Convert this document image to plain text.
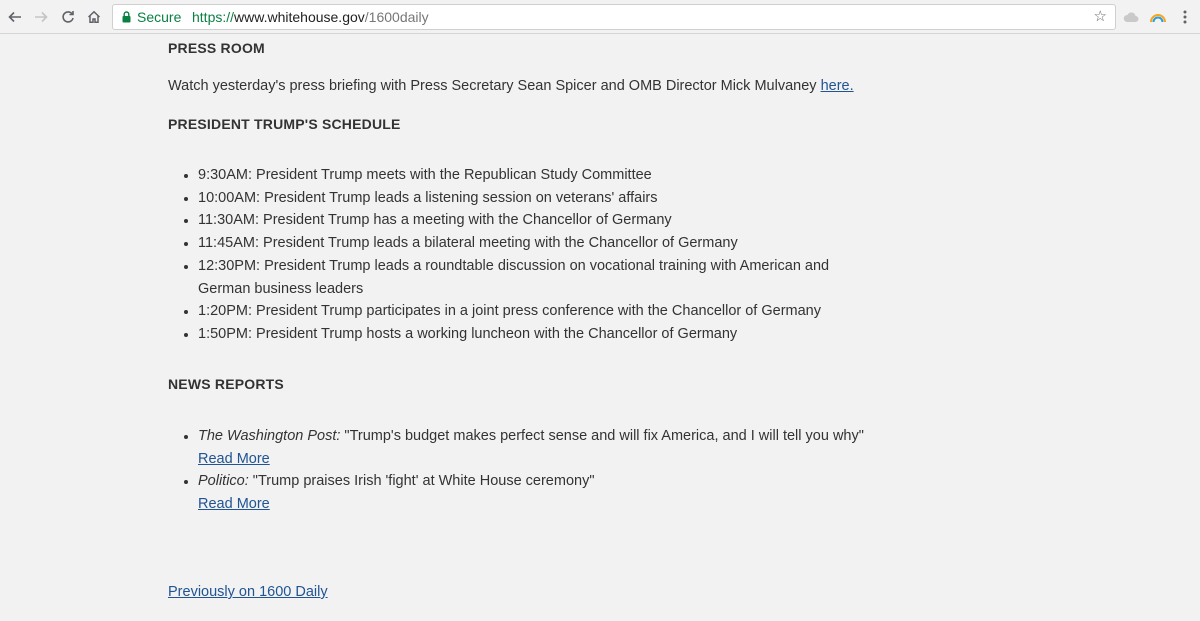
Secure https://www.whitehouse.gov/1600daily	☆
PRESS ROOM
Watch yesterday's press briefing with Press Secretary Sean Spicer and OMB Director Mick Mulvaney here.
PRESIDENT TRUMP'S SCHEDULE
• 9:30AM: President Trump meets with the Republican Study Committee
• 10:00AM: President Trump leads a listening session on veterans' affairs
• 11:30AM: President Trump has a meeting with the Chancellor of Germany
• 11:45AM: President Trump leads a bilateral meeting with the Chancellor of Germany
• 12:30PM: President Trump leads a roundtable discussion on vocational training with American and German business leaders
• 1:20PM: President Trump participates in a joint press conference with the Chancellor of Germany
• 1:50PM: President Trump hosts a working luncheon with the Chancellor of Germany
NEWS REPORTS
• The Washington Post: "Trump's budget makes perfect sense and will fix America, and I will tell you why"
Read More
• Politico: "Trump praises Irish 'fight' at White House ceremony"
Read More
Previously on 1600 Daily
